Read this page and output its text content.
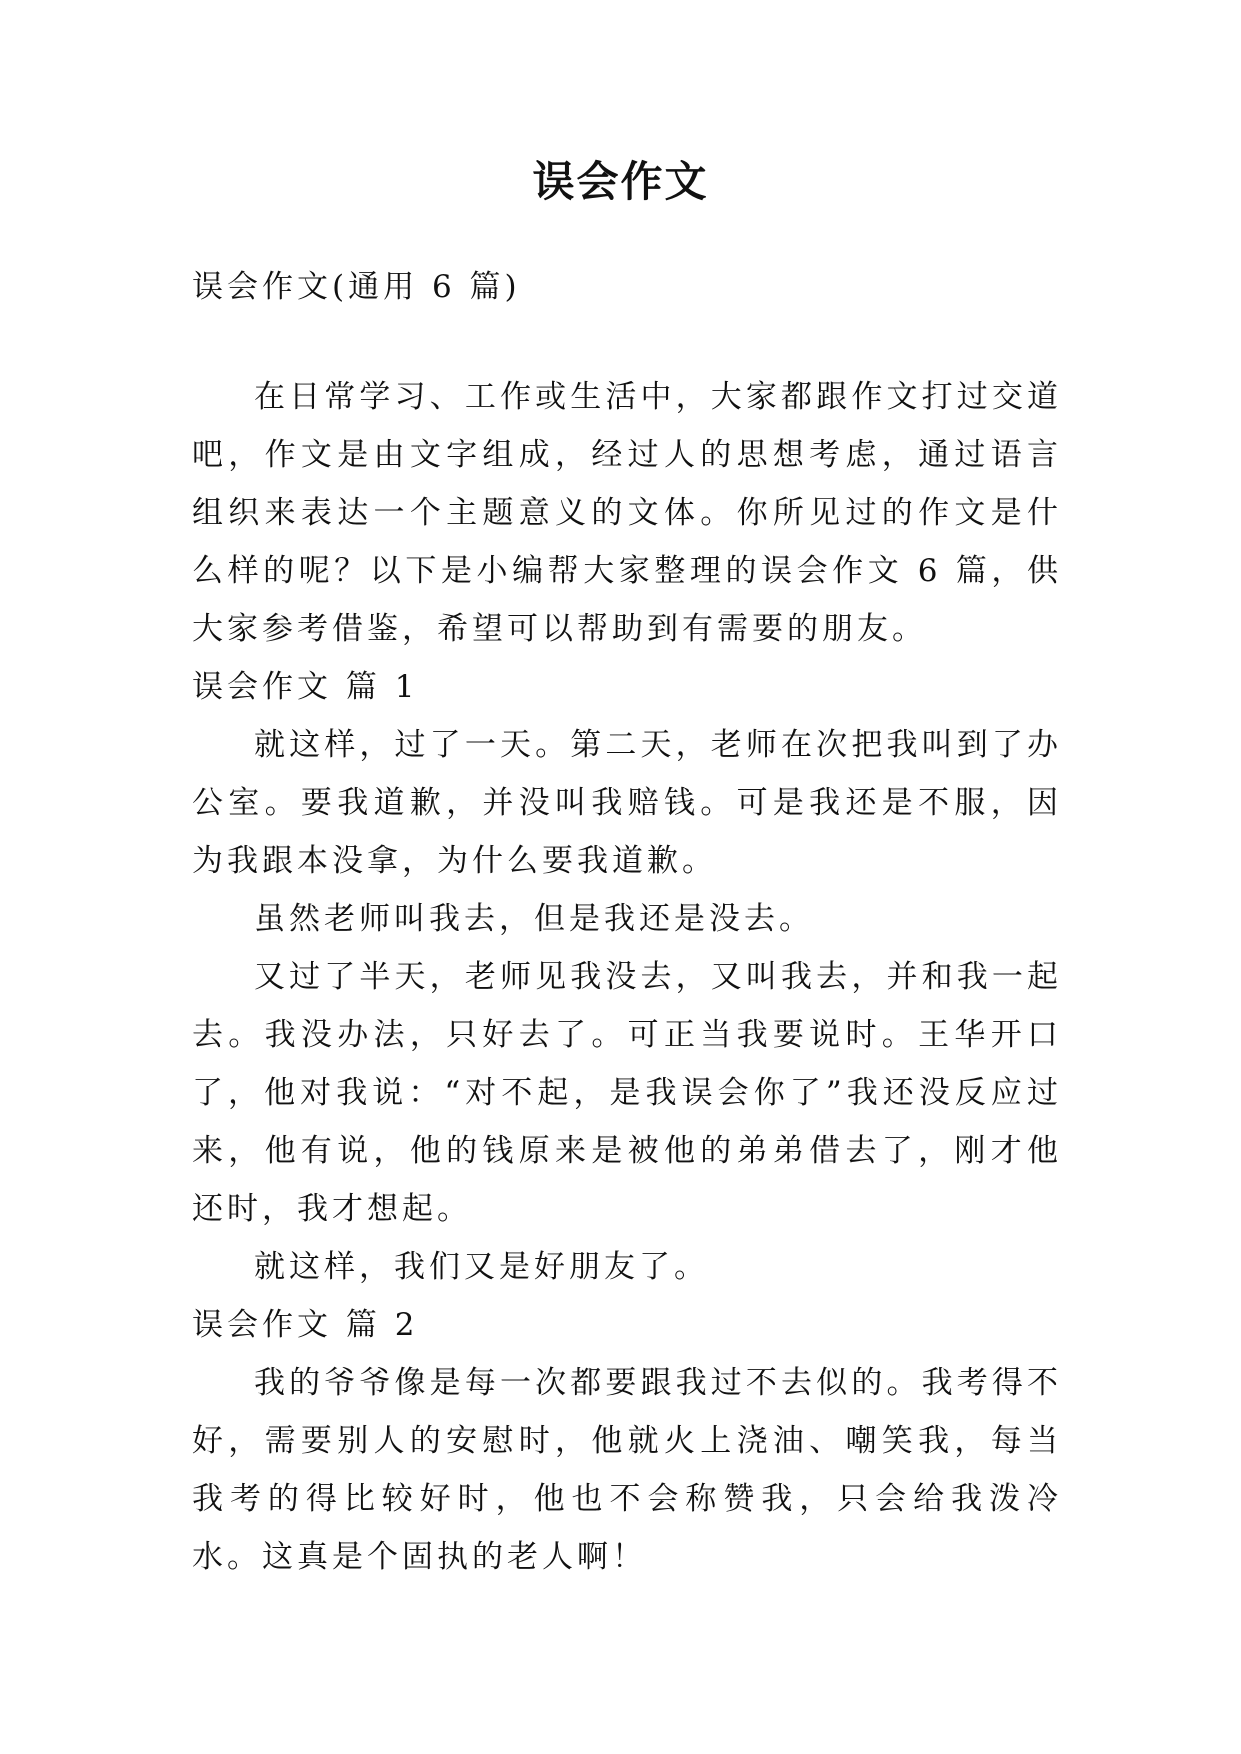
误会作文

误会作文(通用 6 篇)

在日常学习、工作或生活中，大家都跟作文打过交道吧，作文是由文字组成，经过人的思想考虑，通过语言组织来表达一个主题意义的文体。你所见过的作文是什么样的呢？以下是小编帮大家整理的误会作文 6 篇，供大家参考借鉴，希望可以帮助到有需要的朋友。

误会作文 篇 1

就这样，过了一天。第二天，老师在次把我叫到了办公室。要我道歉，并没叫我赔钱。可是我还是不服，因为我跟本没拿，为什么要我道歉。

虽然老师叫我去，但是我还是没去。

又过了半天，老师见我没去，又叫我去，并和我一起去。我没办法，只好去了。可正当我要说时。王华开口了，他对我说：“对不起，是我误会你了”我还没反应过来，他有说，他的钱原来是被他的弟弟借去了，刚才他还时，我才想起。

就这样，我们又是好朋友了。

误会作文 篇 2

我的爷爷像是每一次都要跟我过不去似的。我考得不好，需要别人的安慰时，他就火上浇油、嘲笑我，每当我考的得比较好时，他也不会称赞我，只会给我泼冷水。这真是个固执的老人啊！
